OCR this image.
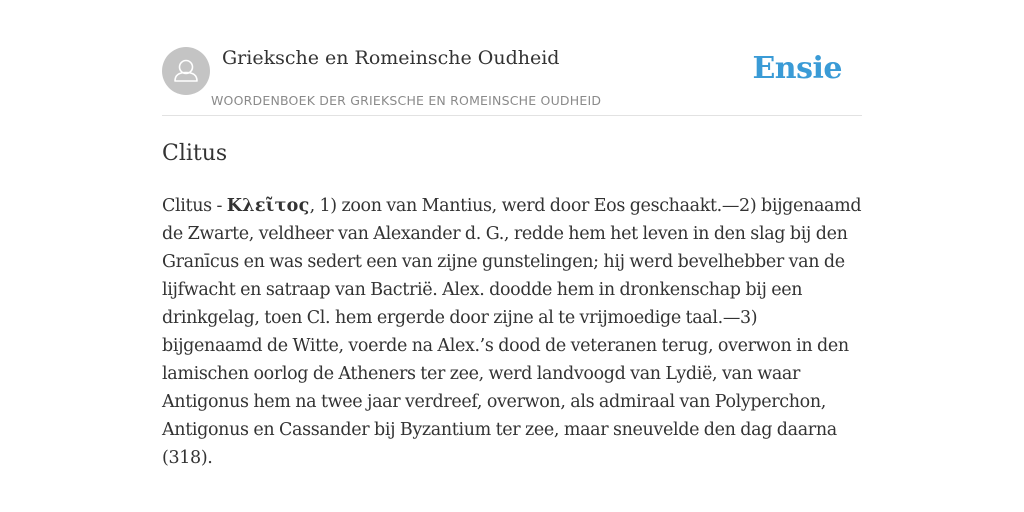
Grieksche en Romeinsche Oudheid
WOORDENBOEK DER GRIEKSCHE EN ROMEINSCHE OUDHEID
Ensie
Clitus

Clitus - Κλεῖτος, 1) zoon van Mantius, werd door Eos geschaakt.—2) bijgenaamd de Zwarte, veldheer van Alexander d. G., redde hem het leven in den slag bij den Granīcus en was sedert een van zijne gunstelingen; hij werd bevelhebber van de lijfwacht en satraap van Bactrië. Alex. doodde hem in dronkenschap bij een drinkgelag, toen Cl. hem ergerde door zijne al te vrijmoedige taal.—3) bijgenaamd de Witte, voerde na Alex.’s dood de veteranen terug, overwon in den lamischen oorlog de Atheners ter zee, werd landvoogd van Lydië, van waar Antigonus hem na twee jaar verdreef, overwon, als admiraal van Polyperchon, Antigonus en Cassander bij Byzantium ter zee, maar sneuvelde den dag daarna (318).
